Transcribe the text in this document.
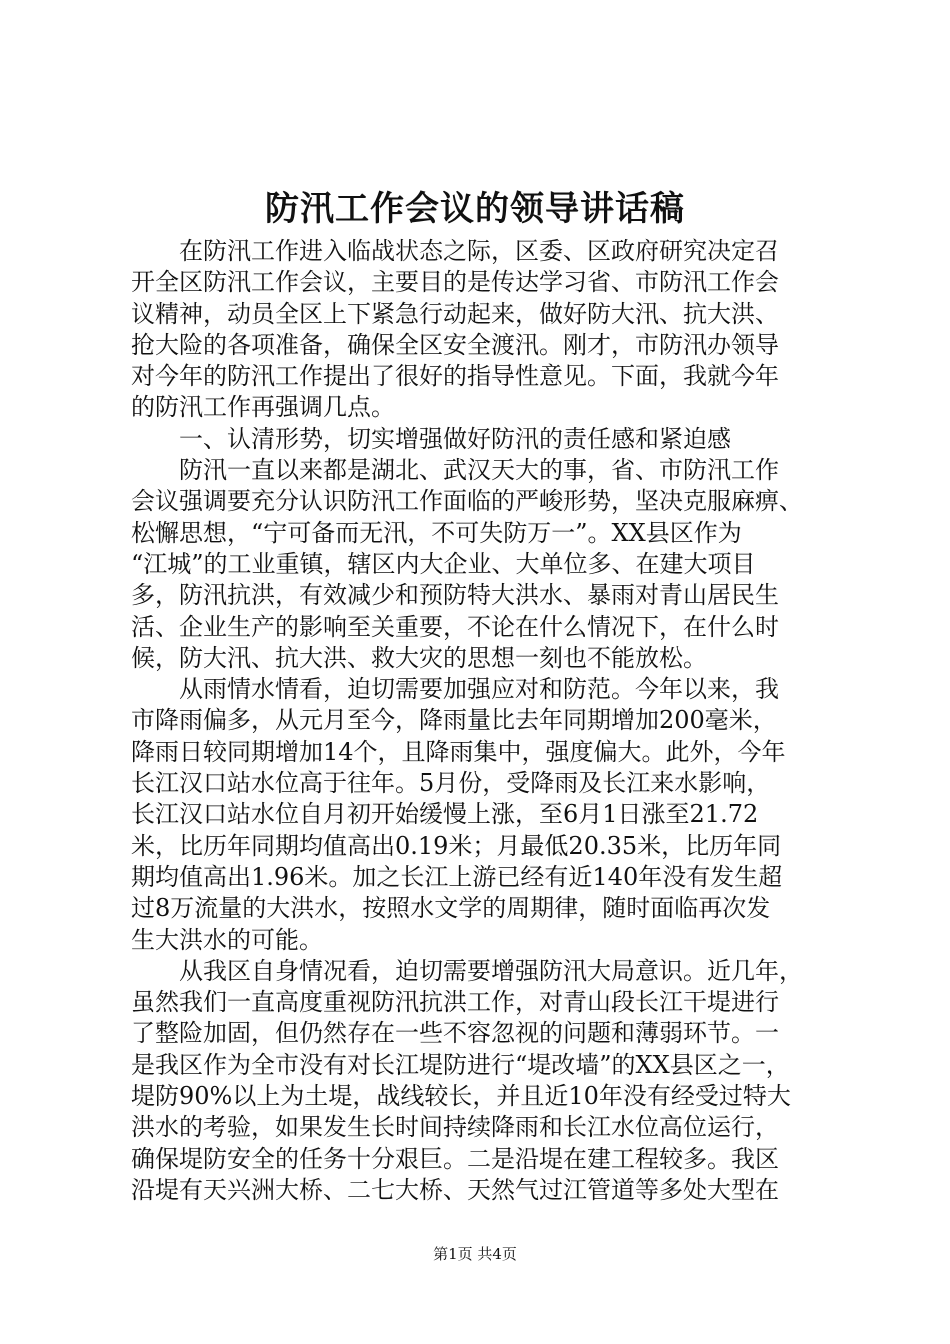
防汛工作会议的领导讲话稿

在防汛工作进入临战状态之际，区委、区政府研究决定召
开全区防汛工作会议，主要目的是传达学习省、市防汛工作会
议精神，动员全区上下紧急行动起来，做好防大汛、抗大洪、
抢大险的各项准备，确保全区安全渡汛。刚才，市防汛办领导
对今年的防汛工作提出了很好的指导性意见。下面，我就今年
的防汛工作再强调几点。

一、认清形势，切实增强做好防汛的责任感和紧迫感

防汛一直以来都是湖北、武汉天大的事，省、市防汛工作
会议强调要充分认识防汛工作面临的严峻形势，坚决克服麻痹、
松懈思想，“宁可备而无汛，不可失防万一”。XX县区作为
“江城”的工业重镇，辖区内大企业、大单位多、在建大项目
多，防汛抗洪，有效减少和预防特大洪水、暴雨对青山居民生
活、企业生产的影响至关重要，不论在什么情况下，在什么时
候，防大汛、抗大洪、救大灾的思想一刻也不能放松。

从雨情水情看，迫切需要加强应对和防范。今年以来，我
市降雨偏多，从元月至今，降雨量比去年同期增加200毫米，
降雨日较同期增加14个，且降雨集中，强度偏大。此外，今年
长江汉口站水位高于往年。5月份，受降雨及长江来水影响，
长江汉口站水位自月初开始缓慢上涨，至6月1日涨至21.72
米，比历年同期均值高出0.19米；月最低20.35米，比历年同
期均值高出1.96米。加之长江上游已经有近140年没有发生超
过8万流量的大洪水，按照水文学的周期律，随时面临再次发
生大洪水的可能。

从我区自身情况看，迫切需要增强防汛大局意识。近几年，
虽然我们一直高度重视防汛抗洪工作，对青山段长江干堤进行
了整险加固，但仍然存在一些不容忽视的问题和薄弱环节。一
是我区作为全市没有对长江堤防进行“堤改墙”的XX县区之一，
堤防90%以上为土堤，战线较长，并且近10年没有经受过特大
洪水的考验，如果发生长时间持续降雨和长江水位高位运行，
确保堤防安全的任务十分艰巨。二是沿堤在建工程较多。我区
沿堤有天兴洲大桥、二七大桥、天然气过江管道等多处大型在

第1页 共4页
